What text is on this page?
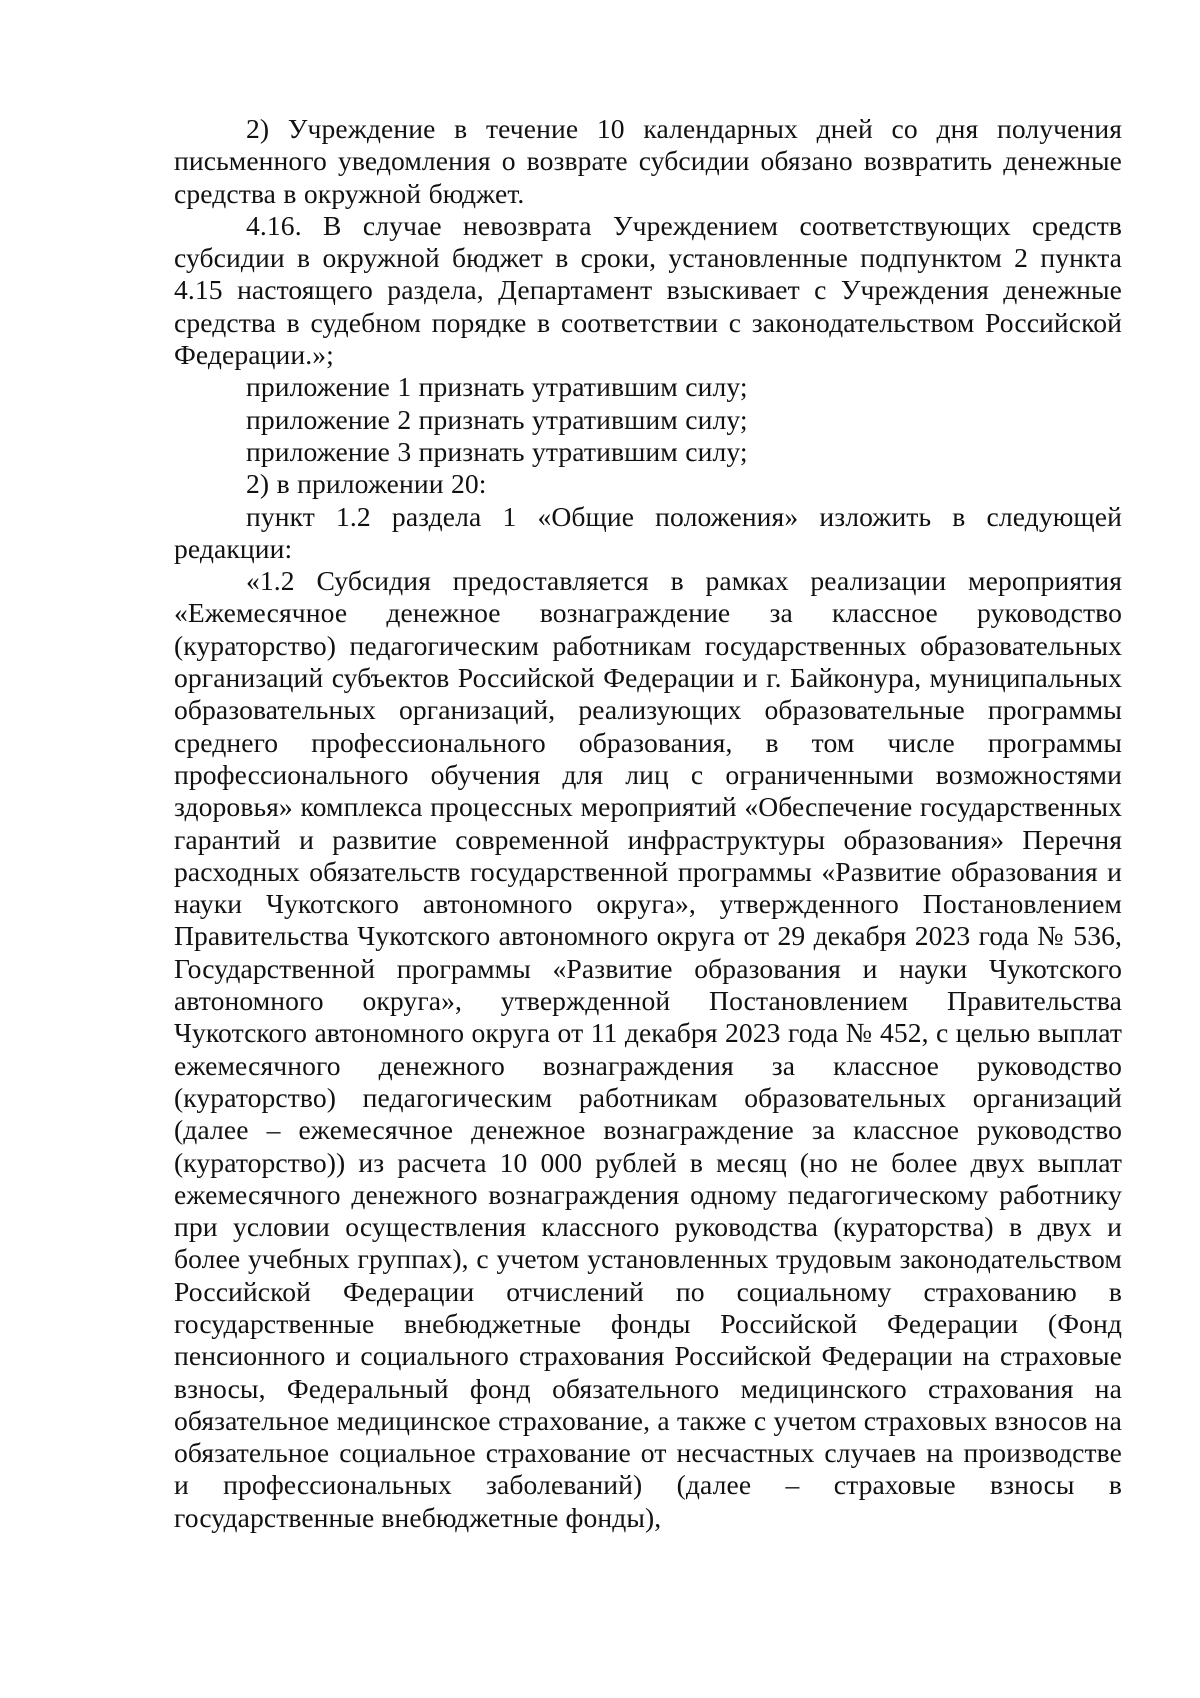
2) Учреждение в течение 10 календарных дней со дня получения письменного уведомления о возврате субсидии обязано возвратить денежные средства в окружной бюджет.

4.16. В случае невозврата Учреждением соответствующих средств субсидии в окружной бюджет в сроки, установленные подпунктом 2 пункта 4.15 настоящего раздела, Департамент взыскивает с Учреждения денежные средства в судебном порядке в соответствии с законодательством Российской Федерации.»;

приложение 1 признать утратившим силу;

приложение 2 признать утратившим силу;

приложение 3 признать утратившим силу;

2) в приложении 20:

пункт 1.2 раздела 1 «Общие положения» изложить в следующей редакции:

«1.2 Субсидия предоставляется в рамках реализации мероприятия «Ежемесячное денежное вознаграждение за классное руководство (кураторство) педагогическим работникам государственных образовательных организаций субъектов Российской Федерации и г. Байконура, муниципальных образовательных организаций, реализующих образовательные программы среднего профессионального образования, в том числе программы профессионального обучения для лиц с ограниченными возможностями здоровья» комплекса процессных мероприятий «Обеспечение государственных гарантий и развитие современной инфраструктуры образования» Перечня расходных обязательств государственной программы «Развитие образования и науки Чукотского автономного округа», утвержденного Постановлением Правительства Чукотского автономного округа от 29 декабря 2023 года № 536, Государственной программы «Развитие образования и науки Чукотского автономного округа», утвержденной Постановлением Правительства Чукотского автономного округа от 11 декабря 2023 года № 452, с целью выплат ежемесячного денежного вознаграждения за классное руководство (кураторство) педагогическим работникам образовательных организаций (далее – ежемесячное денежное вознаграждение за классное руководство (кураторство)) из расчета 10 000 рублей в месяц (но не более двух выплат ежемесячного денежного вознаграждения одному педагогическому работнику при условии осуществления классного руководства (кураторства) в двух и более учебных группах), с учетом установленных трудовым законодательством Российской Федерации отчислений по социальному страхованию в государственные внебюджетные фонды Российской Федерации (Фонд пенсионного и социального страхования Российской Федерации на страховые взносы, Федеральный фонд обязательного медицинского страхования на обязательное медицинское страхование, а также с учетом страховых взносов на обязательное социальное страхование от несчастных случаев на производстве и профессиональных заболеваний) (далее – страховые взносы в государственные внебюджетные фонды),
